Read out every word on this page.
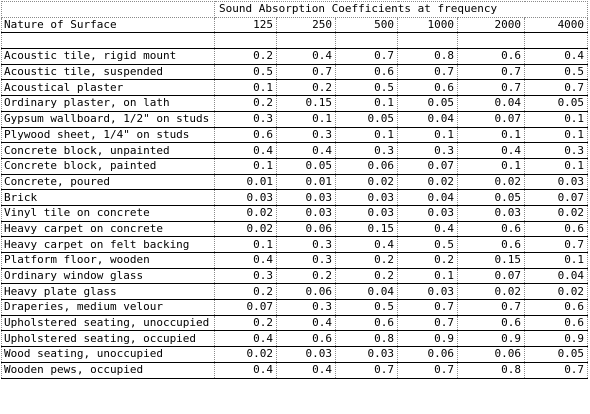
	Sound Absorption Coefficients at frequency					
Nature of Surface	125	250	500	1000	2000	4000

Acoustic tile, rigid mount	0.2	0.4	0.7	0.8	0.6	0.4
Acoustic tile, suspended	0.5	0.7	0.6	0.7	0.7	0.5
Acoustical plaster	0.1	0.2	0.5	0.6	0.7	0.7
Ordinary plaster, on lath	0.2	0.15	0.1	0.05	0.04	0.05
Gypsum wallboard, 1/2" on studs	0.3	0.1	0.05	0.04	0.07	0.1
Plywood sheet, 1/4" on studs	0.6	0.3	0.1	0.1	0.1	0.1
Concrete block, unpainted	0.4	0.4	0.3	0.3	0.4	0.3
Concrete block, painted	0.1	0.05	0.06	0.07	0.1	0.1
Concrete, poured	0.01	0.01	0.02	0.02	0.02	0.03
Brick	0.03	0.03	0.03	0.04	0.05	0.07
Vinyl tile on concrete	0.02	0.03	0.03	0.03	0.03	0.02
Heavy carpet on concrete	0.02	0.06	0.15	0.4	0.6	0.6
Heavy carpet on felt backing	0.1	0.3	0.4	0.5	0.6	0.7
Platform floor, wooden	0.4	0.3	0.2	0.2	0.15	0.1
Ordinary window glass	0.3	0.2	0.2	0.1	0.07	0.04
Heavy plate glass	0.2	0.06	0.04	0.03	0.02	0.02
Draperies, medium velour	0.07	0.3	0.5	0.7	0.7	0.6
Upholstered seating, unoccupied	0.2	0.4	0.6	0.7	0.6	0.6
Upholstered seating, occupied	0.4	0.6	0.8	0.9	0.9	0.9
Wood seating, unoccupied	0.02	0.03	0.03	0.06	0.06	0.05
Wooden pews, occupied	0.4	0.4	0.7	0.7	0.8	0.7
